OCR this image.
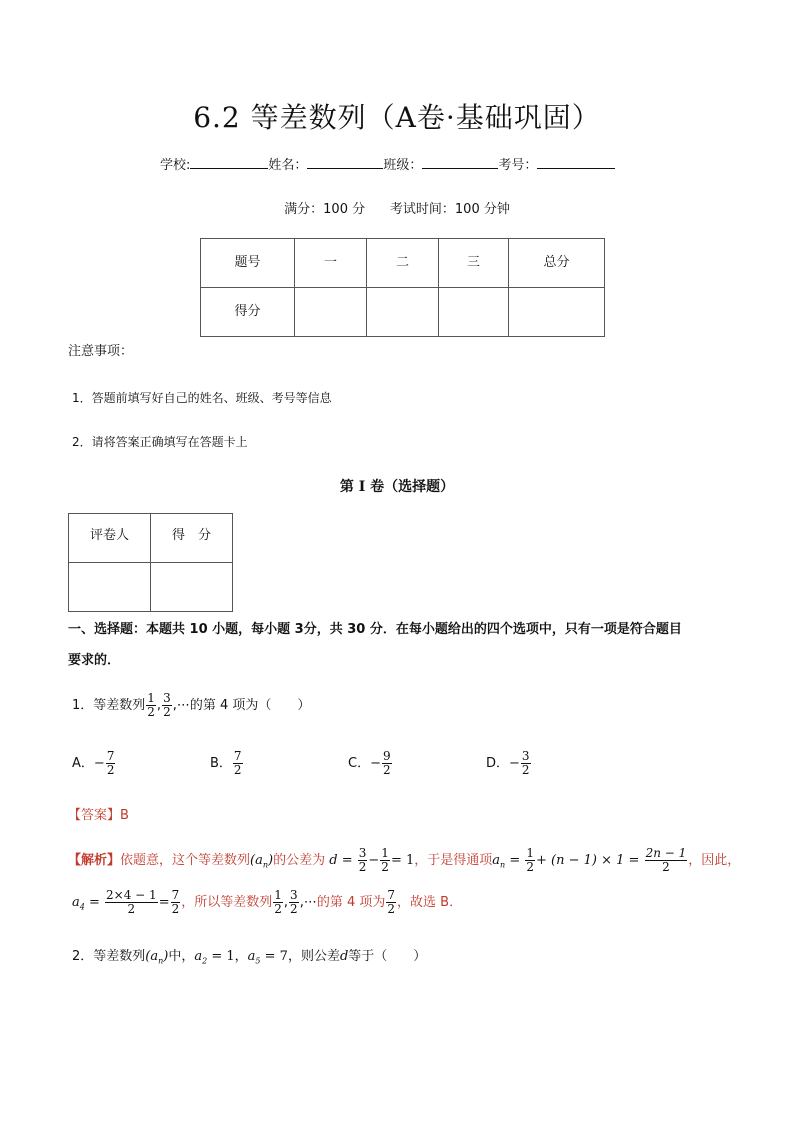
6.2 等差数列（A卷·基础巩固）
学校:	姓名：	班级：	考号：
满分：100 分      考试时间：100 分钟
题号	一	二	三	总分
得分				
注意事项：
1．答题前填写好自己的姓名、班级、考号等信息
2．请将答案正确填写在答题卡上
第 I 卷（选择题）
评卷人	得　分

一、选择题：本题共 10 小题，每小题 3分，共 30 分．在每小题给出的四个选项中，只有一项是符合题目
要求的．
1．等差数列 $\frac{1}{2}$ , $\frac{3}{2}$ ,⋯的第 4 项为（　　）
A．− $\frac{7}{2}$	B． $\frac{7}{2}$	C．− $\frac{9}{2}$	D．− $\frac{3}{2}$
【答案】B
【解析】依题意，这个等差数列$(a_n)$的公差为 $d = \frac{3}{2} - \frac{1}{2} = 1$，于是得通项$a_n = \frac{1}{2} + (n - 1) \times 1 = \frac{2n - 1}{2}$ ，因此，
$a_4 = \frac{2\times 4 - 1}{2} = \frac{7}{2}$ ，所以等差数列 $\frac{1}{2}$ , $\frac{3}{2}$ ,⋯的第 4 项为 $\frac{7}{2}$ ，故选 B．
2．等差数列$(a_n)$中，$a_2 = 1$，$a_5 = 7$，则公差d等于（　　）
